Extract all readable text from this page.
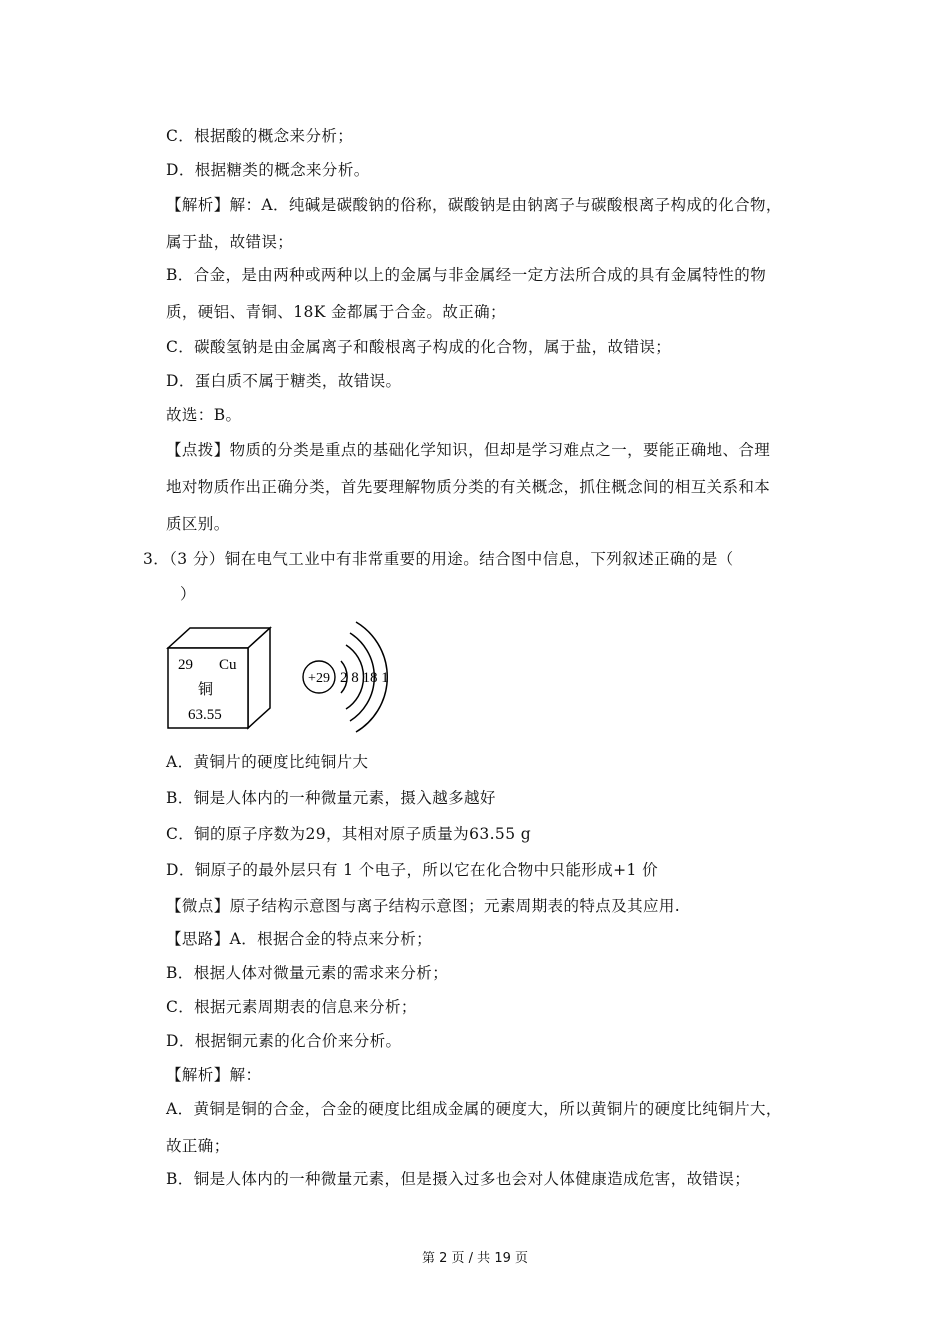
C．根据酸的概念来分析；
D．根据糖类的概念来分析。
【解析】解：A．纯碱是碳酸钠的俗称，碳酸钠是由钠离子与碳酸根离子构成的化合物，
属于盐，故错误；
B．合金，是由两种或两种以上的金属与非金属经一定方法所合成的具有金属特性的物
质，硬铝、青铜、18K 金都属于合金。故正确；
C．碳酸氢钠是由金属离子和酸根离子构成的化合物，属于盐，故错误；
D．蛋白质不属于糖类，故错误。
故选：B。
【点拨】物质的分类是重点的基础化学知识，但却是学习难点之一，要能正确地、合理
地对物质作出正确分类，首先要理解物质分类的有关概念，抓住概念间的相互关系和本
质区别。
3．（3 分）铜在电气工业中有非常重要的用途。结合图中信息，下列叙述正确的是（
）
29 Cu
铜
63.55
+29 2 8 18 1
A．黄铜片的硬度比纯铜片大
B．铜是人体内的一种微量元素，摄入越多越好
C．铜的原子序数为29，其相对原子质量为63.55 g
D．铜原子的最外层只有 1 个电子，所以它在化合物中只能形成+1 价
【微点】原子结构示意图与离子结构示意图；元素周期表的特点及其应用.
【思路】A．根据合金的特点来分析；
B．根据人体对微量元素的需求来分析；
C．根据元素周期表的信息来分析；
D．根据铜元素的化合价来分析。
【解析】解：
A．黄铜是铜的合金，合金的硬度比组成金属的硬度大，所以黄铜片的硬度比纯铜片大，
故正确；
B．铜是人体内的一种微量元素，但是摄入过多也会对人体健康造成危害，故错误；
第 2 页 / 共 19 页
